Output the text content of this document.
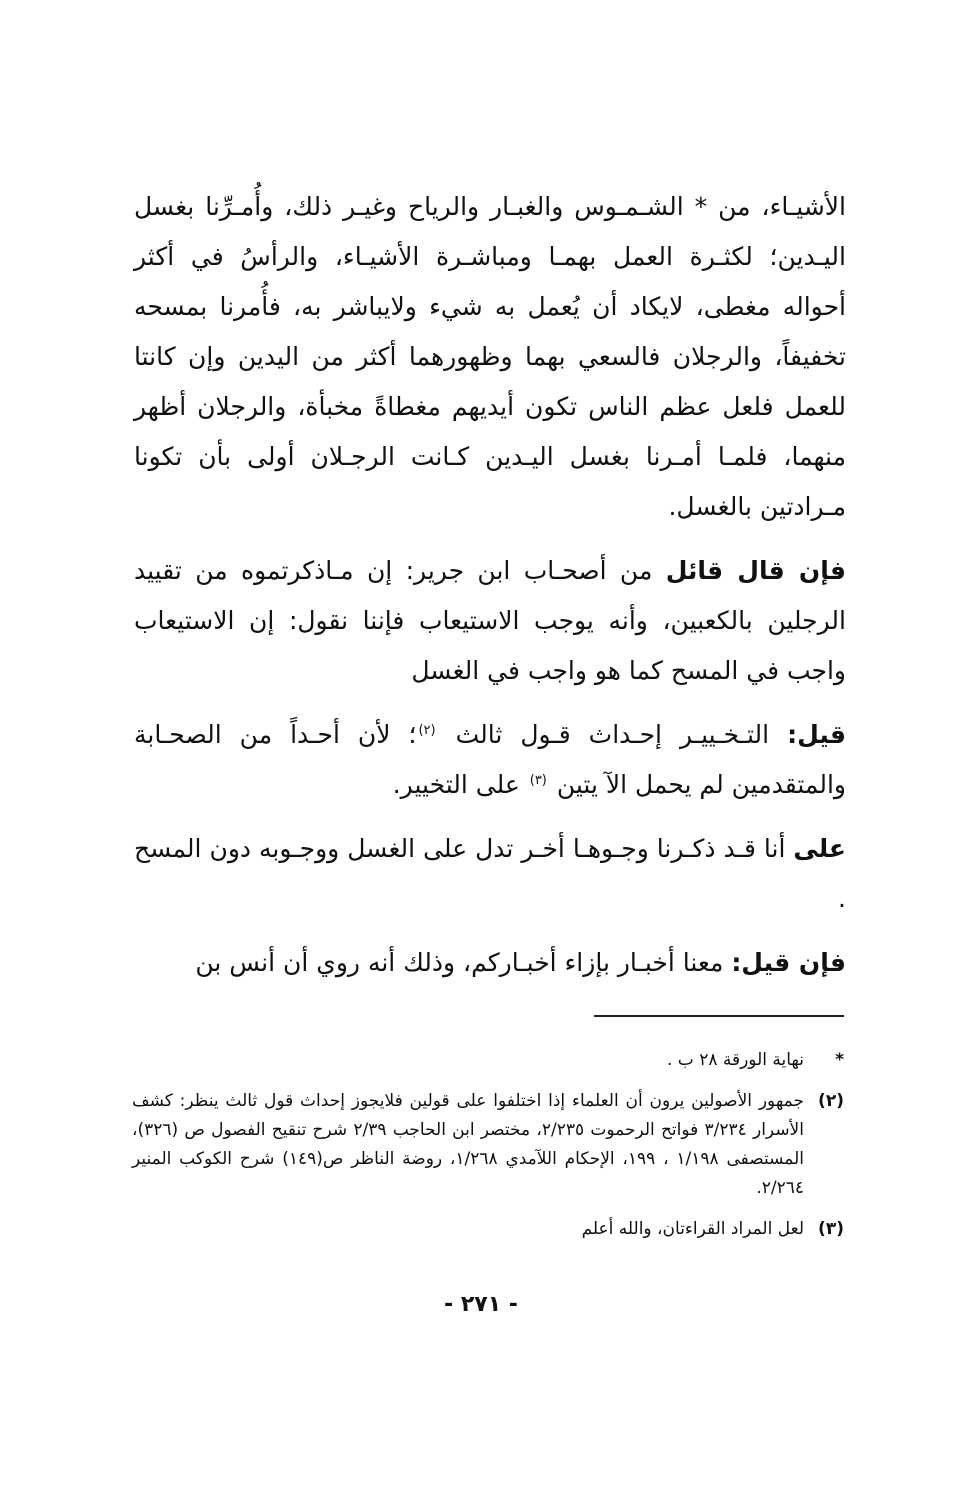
الأشيـاء، من * الشـمـوس والغبـار والرياح وغيـر ذلك، وأُمـرِّنا بغسل اليـدين؛ لكثـرة العمل بهمـا ومباشـرة الأشيـاء، والرأسُ في أكثر أحواله مغطى، لايكاد أن يُعمل به شيء ولايباشر به، فأُمرنا بمسحه تخفيفاً، والرجلان فالسعي بهما وظهورهما أكثر من اليدين وإن كانتا للعمل فلعل عظم الناس تكون أيديهم مغطاةً مخبأة، والرجلان أظهر منهما، فلمـا أمـرنا بغسل اليـدين كـانت الرجـلان أولى بأن تكونا مـرادتين بالغسل.

فإن قال قائل من أصحـاب ابن جرير: إن مـاذكرتموه من تقييد الرجلين بالكعبين، وأنه يوجب الاستيعاب فإننا نقول: إن الاستيعاب واجب في المسح كما هو واجب في الغسل

قيل: التـخـييـر إحـداث قـول ثالث $^{(٢)}$؛ لأن أحـداً من الصحـابة والمتقدمين لم يحمل الآ يتين $^{(٣)}$ على التخيير.

على أنا قـد ذكـرنا وجـوهـا أخـر تدل على الغسل ووجـوبه دون المسح .

فإن قيل: معنا أخبـار بإزاء أخبـاركم، وذلك أنه روي أن أنس بن

*
نهاية الورقة ٢٨ ب .
(٢)
جمهور الأصولين يرون أن العلماء إذا اختلفوا على قولين فلايجوز إحداث قول ثالث ينظر: كشف الأسرار ٣/٢٣٤ فواتح الرحموت ٢/٢٣٥، مختصر ابن الحاجب ٢/٣٩ شرح تنقيح الفصول ص (٣٢٦)، المستصفى ١/١٩٨ ، ١٩٩، الإحكام اللآمدي ١/٢٦٨، روضة الناظر ص(١٤٩) شرح الكوكب المنير ٢/٢٦٤.
(٣)
لعل المراد القراءتان، والله أعلم
- ٢٧١ -
